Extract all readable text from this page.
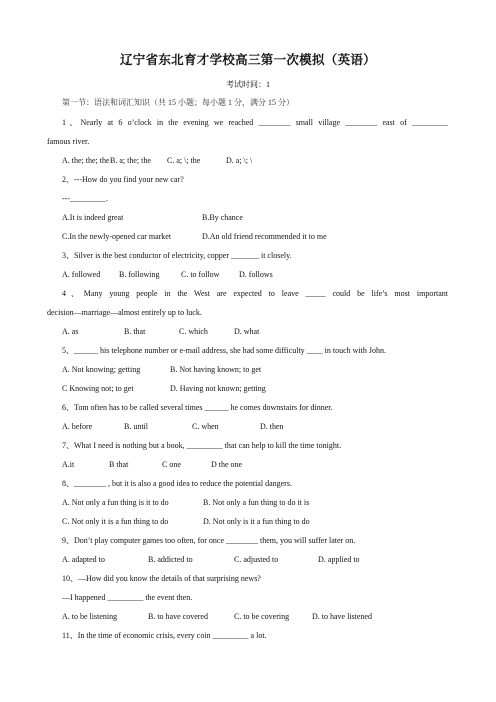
辽宁省东北育才学校高三第一次模拟（英语）
考试时间：1
第一节：语法和词汇知识（共 15 小题；每小题 1 分，满分 15 分）
1、Nearly at 6 o’clock in the evening we reached ________ small village ________ east of _________
famous river.
A. the; the; the B. a; the; the C. a; \; the	D. a; \; \
2、---How do you find your new car?
---_________.
A.It is indeed great	B.By chance
C.In the newly-opened car market	D.An old friend recommended it to me
3、Silver is the best conductor of electricity, copper _______ it closely.
A. followed B. following	C. to follow D. follows
4、Many young people in the West are expected to leave _____ could be life’s most important
decision—marriage—almost entirely up to luck.
A. as	B. that	C. which	D. what
5、______ his telephone number or e-mail address, she had some difficulty ____ in touch with John.
A. Not knowing; getting	B. Not having known; to get
C Knowing not; to get	D. Having not known; getting
6、Tom often has to be called several times ______ he comes downstairs for dinner.
A. before	B. until	C. when	D. then
7、What I need is nothing but a book, _________ that can help to kill the time tonight.
A.it	B that	C one	D the one
8、________ , but it is also a good idea to reduce the potential dangers.
A. Not only a fun thing is it to do	B. Not only a fun thing to do it is
C. Not only it is a fun thing to do	D. Not only is it a fun thing to do
9、Don’t play computer games too often, for once ________ them, you will suffer later on.
A. adapted to	B. addicted to	C. adjusted to	D. applied to
10、—How did you know the details of that surprising news?
—I happened _________ the event then.
A. to be listening	B. to have covered	C. to be covering	D. to have listened
11、In the time of economic crisis, every coin _________ a lot.
